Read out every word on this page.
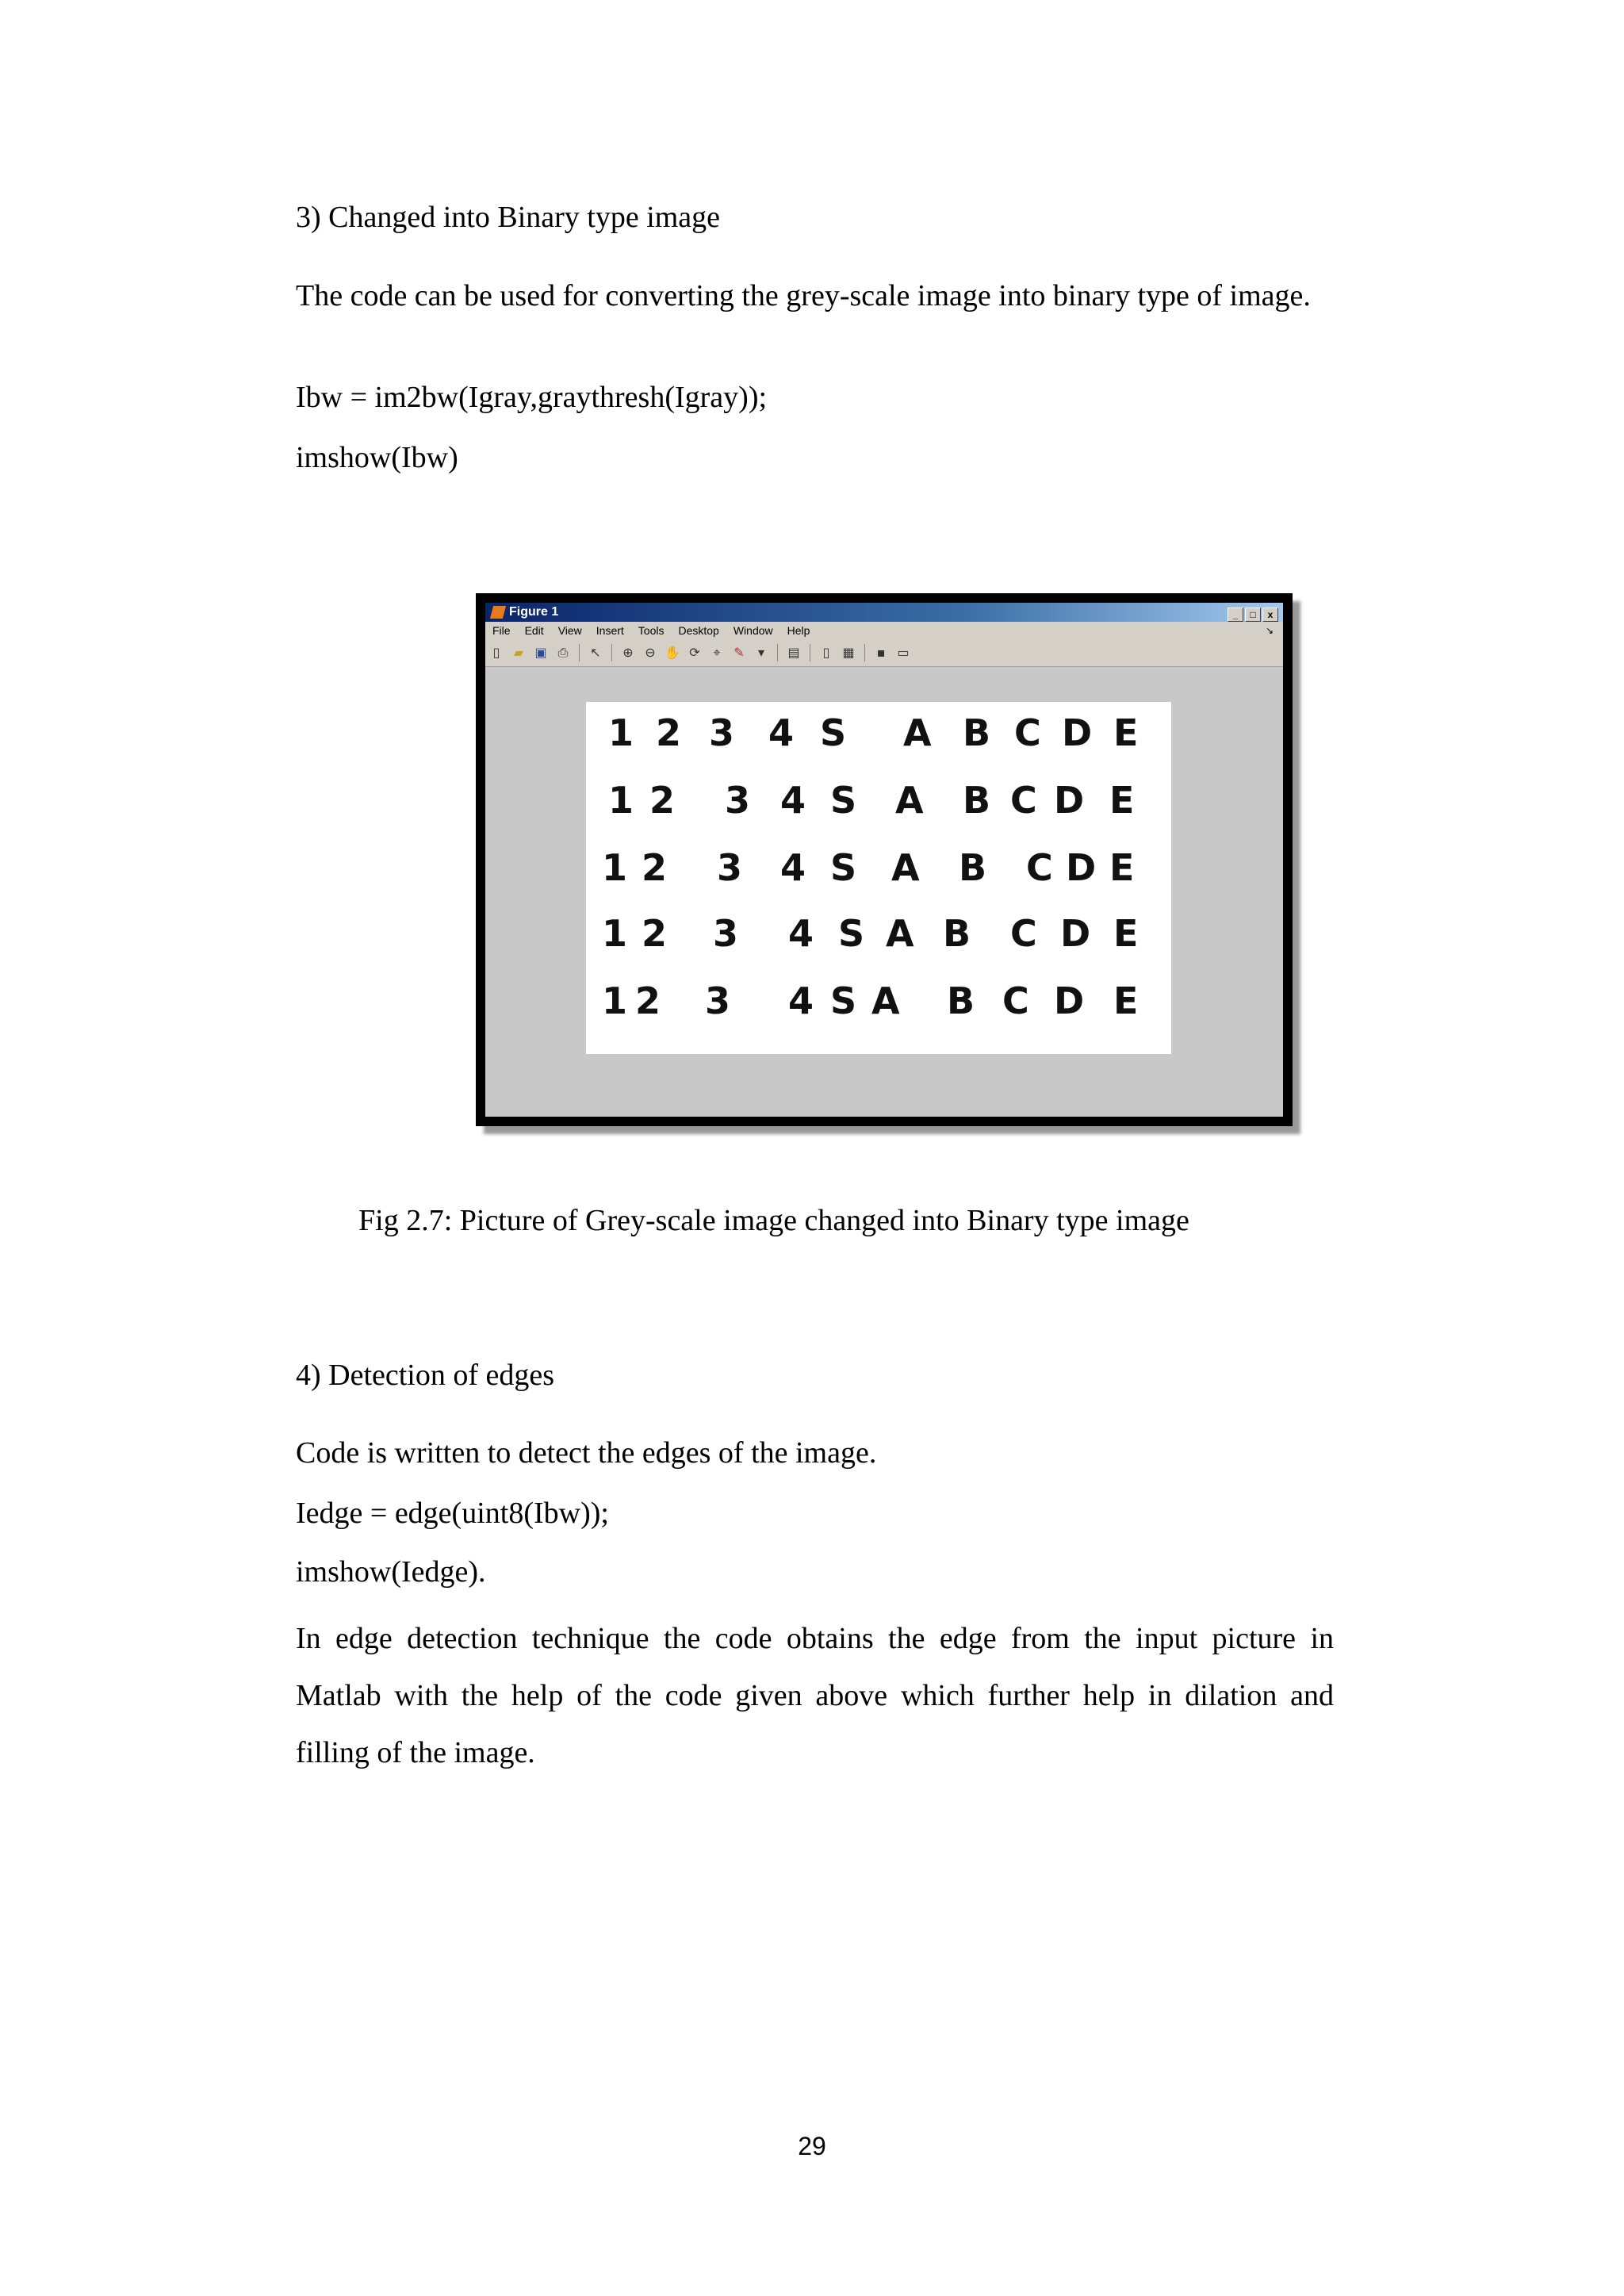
3) Changed into Binary type image

The code can be used for converting the grey-scale image into binary type of image.

Ibw = im2bw(Igray,graythresh(Igray));

imshow(Ibw)

Figure 1	_ □ x
File Edit View Insert Tools Desktop Window Help	↘
▯ ▰ ▣ ⎙ ↖ ⊕ ⊖ ✋ ⟳ ⌖ ✎ ▾ ▤ ▯ ▦ ▪ ▭
1 2 3 4 S A B C D E
1 2 3 4 S A B C D E
1 2 3 4 S A B C D E
1 2 3 4 S A B C D E
1 2 3 4 S A B C D E

Fig 2.7: Picture of Grey-scale image changed into Binary type image

4) Detection of edges

Code is written to detect the edges of the image.

Iedge = edge(uint8(Ibw));

imshow(Iedge).

In edge detection technique the code obtains the edge from the input picture in Matlab with the help of the code given above which further help in dilation and filling of the image.

29
